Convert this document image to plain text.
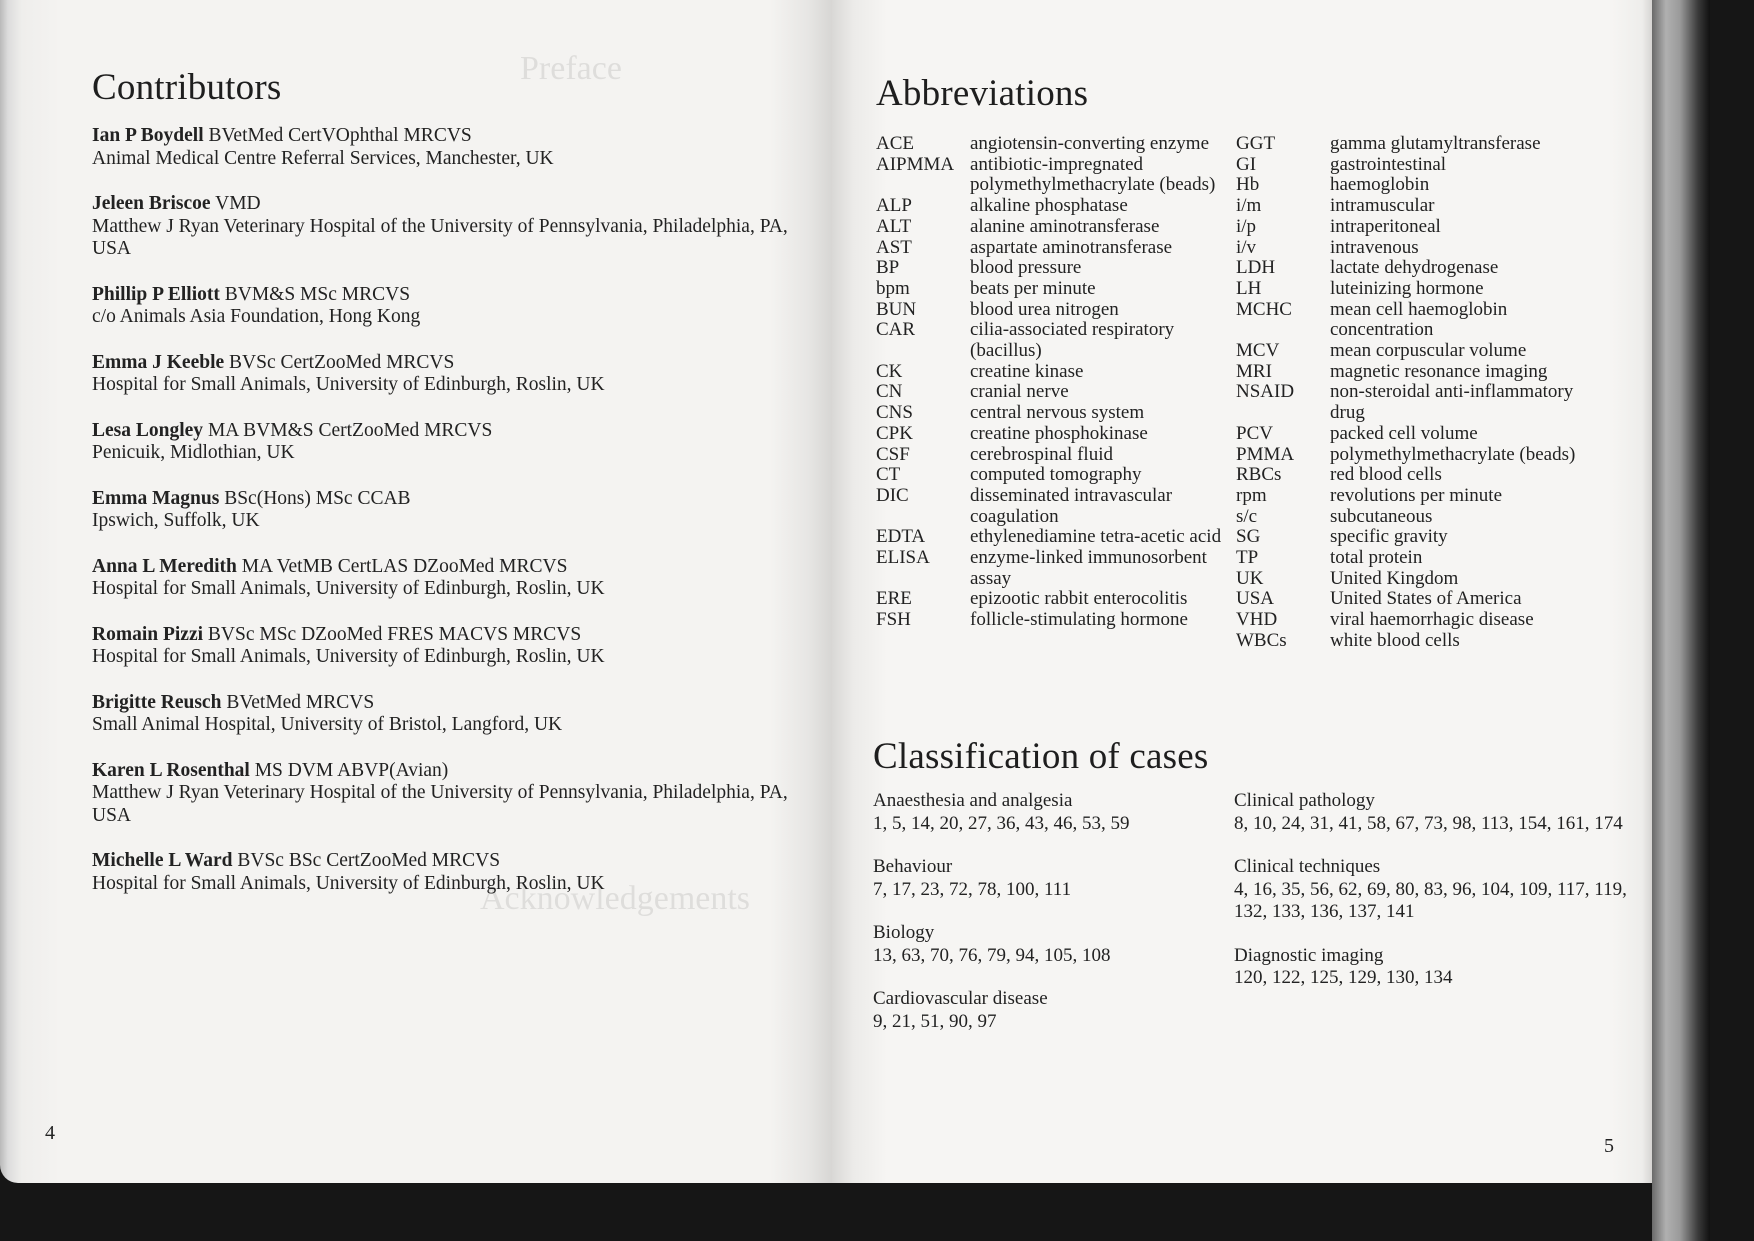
Preface
Acknowledgements
Contributors
Ian P Boydell BVetMed CertVOphthal MRCVS
Animal Medical Centre Referral Services, Manchester, UK
Jeleen Briscoe VMD
Matthew J Ryan Veterinary Hospital of the University of Pennsylvania, Philadelphia, PA, USA
Phillip P Elliott BVM&S MSc MRCVS
c/o Animals Asia Foundation, Hong Kong
Emma J Keeble BVSc CertZooMed MRCVS
Hospital for Small Animals, University of Edinburgh, Roslin, UK
Lesa Longley MA BVM&S CertZooMed MRCVS
Penicuik, Midlothian, UK
Emma Magnus BSc(Hons) MSc CCAB
Ipswich, Suffolk, UK
Anna L Meredith MA VetMB CertLAS DZooMed MRCVS
Hospital for Small Animals, University of Edinburgh, Roslin, UK
Romain Pizzi BVSc MSc DZooMed FRES MACVS MRCVS
Hospital for Small Animals, University of Edinburgh, Roslin, UK
Brigitte Reusch BVetMed MRCVS
Small Animal Hospital, University of Bristol, Langford, UK
Karen L Rosenthal MS DVM ABVP(Avian)
Matthew J Ryan Veterinary Hospital of the University of Pennsylvania, Philadelphia, PA, USA
Michelle L Ward BVSc BSc CertZooMed MRCVS
Hospital for Small Animals, University of Edinburgh, Roslin, UK
4
Abbreviations
ACE	angiotensin-converting enzyme
AIPMMA antibiotic-impregnated polymethylmethacrylate (beads)
ALP	alkaline phosphatase
ALT	alanine aminotransferase
AST	aspartate aminotransferase
BP	blood pressure
bpm	beats per minute
BUN	blood urea nitrogen
CAR	cilia-associated respiratory (bacillus)
CK	creatine kinase
CN	cranial nerve
CNS	central nervous system
CPK	creatine phosphokinase
CSF	cerebrospinal fluid
CT	computed tomography
DIC	disseminated intravascular coagulation
EDTA	ethylenediamine tetra-acetic acid
ELISA	enzyme-linked immunosorbent assay
ERE	epizootic rabbit enterocolitis
FSH	follicle-stimulating hormone
GGT	gamma glutamyltransferase
GI	gastrointestinal
Hb	haemoglobin
i/m	intramuscular
i/p	intraperitoneal
i/v	intravenous
LDH	lactate dehydrogenase
LH	luteinizing hormone
MCHC	mean cell haemoglobin concentration
MCV	mean corpuscular volume
MRI	magnetic resonance imaging
NSAID	non-steroidal anti-inflammatory drug
PCV	packed cell volume
PMMA	polymethylmethacrylate (beads)
RBCs	red blood cells
rpm	revolutions per minute
s/c	subcutaneous
SG	specific gravity
TP	total protein
UK	United Kingdom
USA	United States of America
VHD	viral haemorrhagic disease
WBCs	white blood cells
Classification of cases
Anaesthesia and analgesia
1, 5, 14, 20, 27, 36, 43, 46, 53, 59
Behaviour
7, 17, 23, 72, 78, 100, 111
Biology
13, 63, 70, 76, 79, 94, 105, 108
Cardiovascular disease
9, 21, 51, 90, 97
Clinical pathology
8, 10, 24, 31, 41, 58, 67, 73, 98, 113, 154, 161, 174
Clinical techniques
4, 16, 35, 56, 62, 69, 80, 83, 96, 104, 109, 117, 119, 132, 133, 136, 137, 141
Diagnostic imaging
120, 122, 125, 129, 130, 134
5
